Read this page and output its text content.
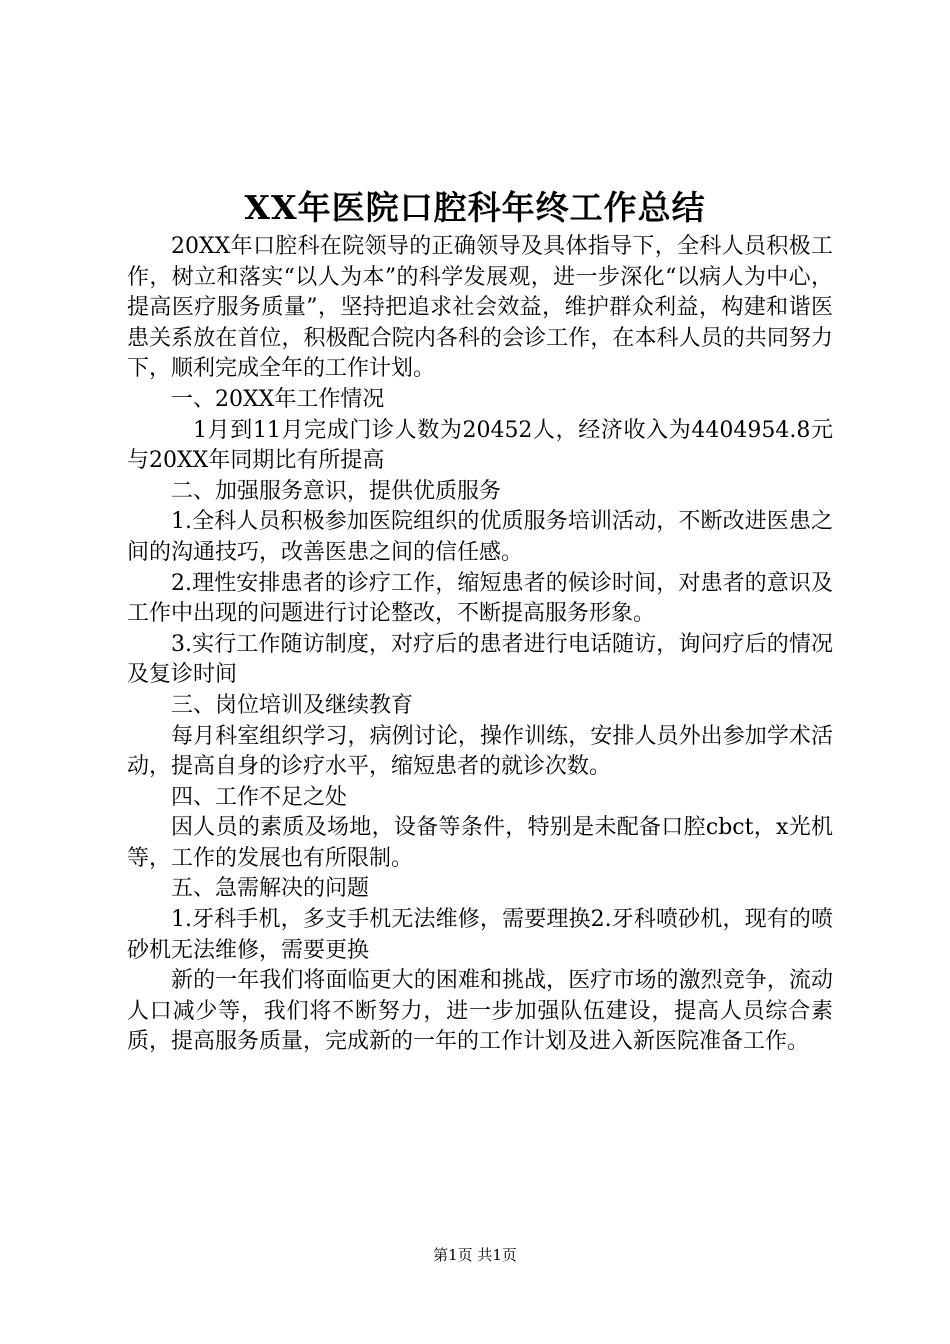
XX年医院口腔科年终工作总结

20XX年口腔科在院领导的正确领导及具体指导下，全科人员积极工作，树立和落实“以人为本”的科学发展观，进一步深化“以病人为中心，提高医疗服务质量”，坚持把追求社会效益，维护群众利益，构建和谐医患关系放在首位，积极配合院内各科的会诊工作，在本科人员的共同努力下，顺利完成全年的工作计划。

一、20XX年工作情况

1月到11月完成门诊人数为20452人，经济收入为4404954.8元与20XX年同期比有所提高

二、加强服务意识，提供优质服务

1.全科人员积极参加医院组织的优质服务培训活动，不断改进医患之间的沟通技巧，改善医患之间的信任感。

2.理性安排患者的诊疗工作，缩短患者的候诊时间，对患者的意识及工作中出现的问题进行讨论整改，不断提高服务形象。

3.实行工作随访制度，对疗后的患者进行电话随访，询问疗后的情况及复诊时间

三、岗位培训及继续教育

每月科室组织学习，病例讨论，操作训练，安排人员外出参加学术活动，提高自身的诊疗水平，缩短患者的就诊次数。

四、工作不足之处

因人员的素质及场地，设备等条件，特别是未配备口腔cbct，x光机等，工作的发展也有所限制。

五、急需解决的问题

1.牙科手机，多支手机无法维修，需要理换2.牙科喷砂机，现有的喷砂机无法维修，需要更换

新的一年我们将面临更大的困难和挑战，医疗市场的激烈竞争，流动人口减少等，我们将不断努力，进一步加强队伍建设，提高人员综合素质，提高服务质量，完成新的一年的工作计划及进入新医院准备工作。

第1页 共1页
